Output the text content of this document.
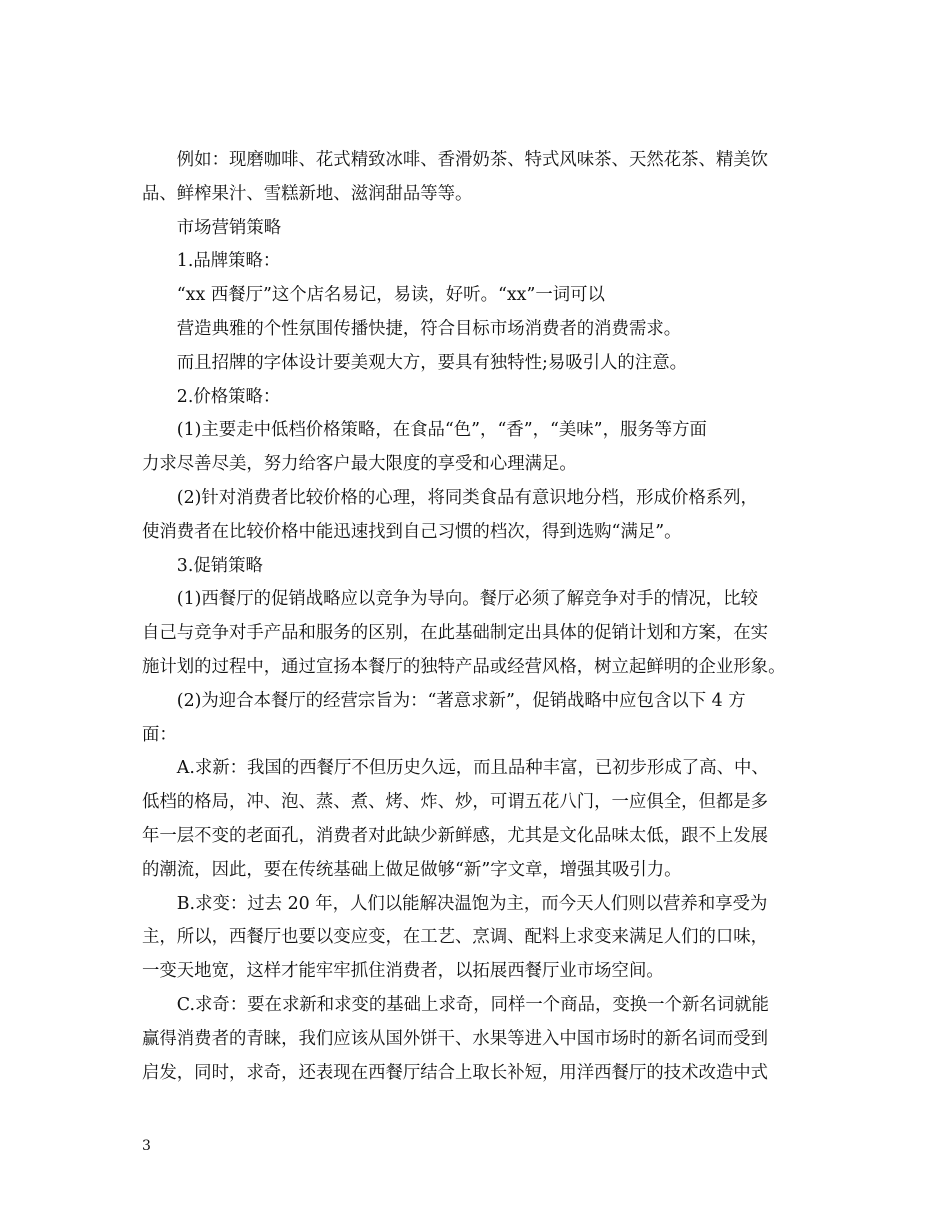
　　例如：现磨咖啡、花式精致冰啡、香滑奶茶、特式风味茶、天然花茶、精美饮
品、鲜榨果汁、雪糕新地、滋润甜品等等。
　　市场营销策略
　　1.品牌策略：
　　“xx 西餐厅”这个店名易记，易读，好听。“xx”一词可以
　　营造典雅的个性氛围传播快捷，符合目标市场消费者的消费需求。
　　而且招牌的字体设计要美观大方，要具有独特性;易吸引人的注意。
　　2.价格策略：
　　(1)主要走中低档价格策略，在食品“色”，“香”，“美味”，服务等方面
力求尽善尽美，努力给客户最大限度的享受和心理满足。
　　(2)针对消费者比较价格的心理，将同类食品有意识地分档，形成价格系列，
使消费者在比较价格中能迅速找到自己习惯的档次，得到选购“满足”。
　　3.促销策略
　　(1)西餐厅的促销战略应以竞争为导向。餐厅必须了解竞争对手的情况，比较
自己与竞争对手产品和服务的区别，在此基础制定出具体的促销计划和方案，在实
施计划的过程中，通过宣扬本餐厅的独特产品或经营风格，树立起鲜明的企业形象。
　　(2)为迎合本餐厅的经营宗旨为：“著意求新”，促销战略中应包含以下 4 方
面：
　　A.求新：我国的西餐厅不但历史久远，而且品种丰富，已初步形成了高、中、
低档的格局，冲、泡、蒸、煮、烤、炸、炒，可谓五花八门，一应俱全，但都是多
年一层不变的老面孔，消费者对此缺少新鲜感，尤其是文化品味太低，跟不上发展
的潮流，因此，要在传统基础上做足做够“新”字文章，增强其吸引力。
　　B.求变：过去 20 年，人们以能解决温饱为主，而今天人们则以营养和享受为
主，所以，西餐厅也要以变应变，在工艺、烹调、配料上求变来满足人们的口味，
一变天地宽，这样才能牢牢抓住消费者，以拓展西餐厅业市场空间。
　　C.求奇：要在求新和求变的基础上求奇，同样一个商品，变换一个新名词就能
赢得消费者的青睐，我们应该从国外饼干、水果等进入中国市场时的新名词而受到
启发，同时，求奇，还表现在西餐厅结合上取长补短，用洋西餐厅的技术改造中式
3
